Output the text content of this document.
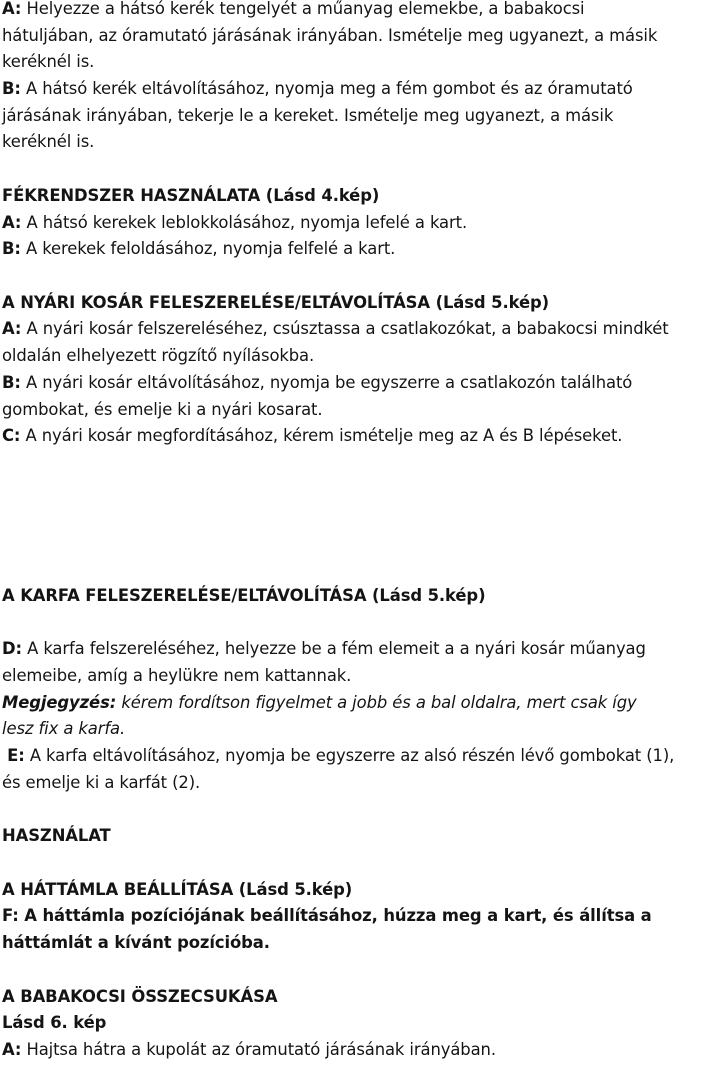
A: Helyezze a hátsó kerék tengelyét a műanyag elemekbe, a babakocsi
hátuljában, az óramutató járásának irányában. Ismételje meg ugyanezt, a másik
keréknél is.
B: A hátsó kerék eltávolításához, nyomja meg a fém gombot és az óramutató
járásának irányában, tekerje le a kereket. Ismételje meg ugyanezt, a másik
keréknél is.
FÉKRENDSZER HASZNÁLATA (Lásd 4.kép)
A: A hátsó kerekek leblokkolásához, nyomja lefelé a kart.
B: A kerekek feloldásához, nyomja felfelé a kart.
A NYÁRI KOSÁR FELESZERELÉSE/ELTÁVOLÍTÁSA (Lásd 5.kép)
A: A nyári kosár felszereléséhez, csúsztassa a csatlakozókat, a babakocsi mindkét
oldalán elhelyezett rögzítő nyílásokba.
B: A nyári kosár eltávolításához, nyomja be egyszerre a csatlakozón található
gombokat, és emelje ki a nyári kosarat.
C: A nyári kosár megfordításához, kérem ismételje meg az A és B lépéseket.
A KARFA FELESZERELÉSE/ELTÁVOLÍTÁSA (Lásd 5.kép)
D: A karfa felszereléséhez, helyezze be a fém elemeit a a nyári kosár műanyag
elemeibe, amíg a heylükre nem kattannak.
Megjegyzés: kérem fordítson figyelmet a jobb és a bal oldalra, mert csak így
lesz fix a karfa.
E: A karfa eltávolításához, nyomja be egyszerre az alsó részén lévő gombokat (1),
és emelje ki a karfát (2).
HASZNÁLAT
A HÁTTÁMLA BEÁLLÍTÁSA (Lásd 5.kép)
F: A háttámla pozíciójának beállításához, húzza meg a kart, és állítsa a
háttámlát a kívánt pozícióba.
A BABAKOCSI ÖSSZECSUKÁSA
Lásd 6. kép
A: Hajtsa hátra a kupolát az óramutató járásának irányában.
